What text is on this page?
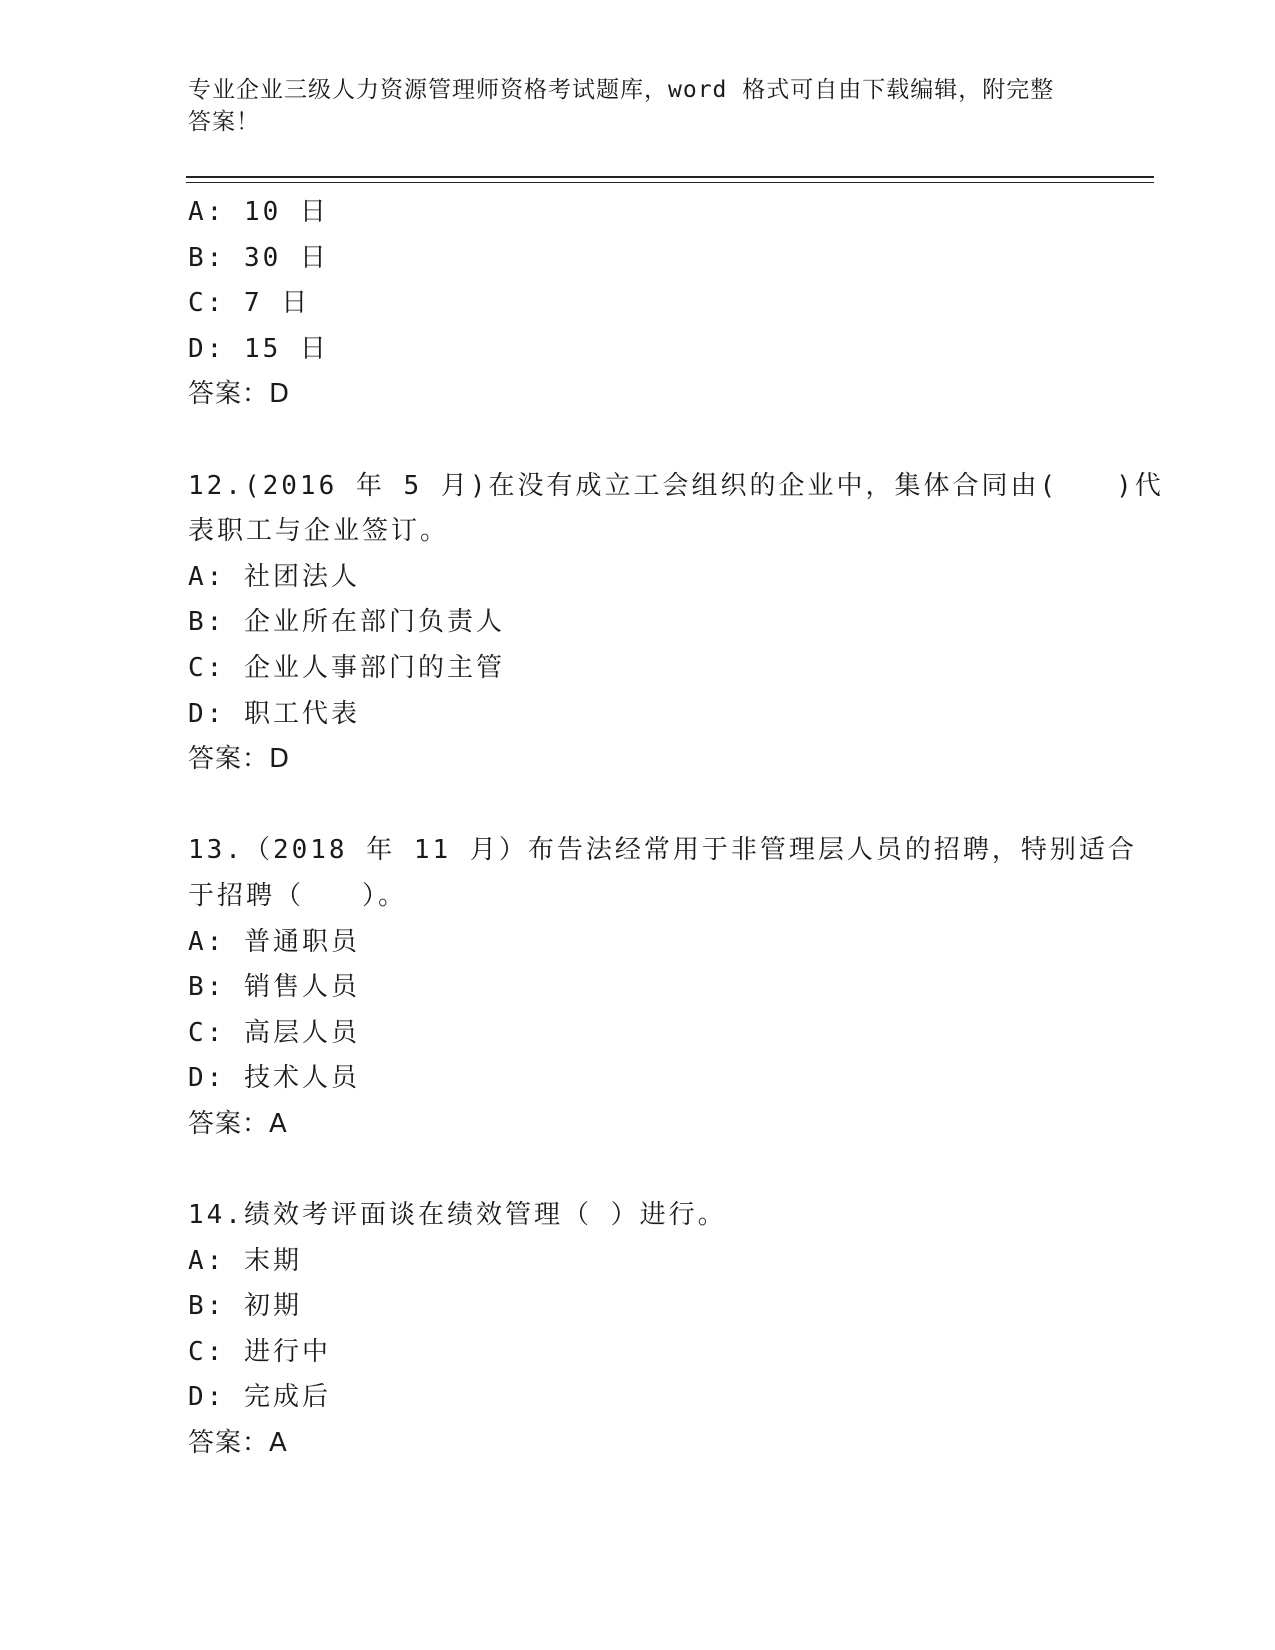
专业企业三级人力资源管理师资格考试题库，word 格式可自由下载编辑，附完整
答案！
A: 10 日
B: 30 日
C: 7 日
D: 15 日
答案：D
12.(2016 年 5 月)在没有成立工会组织的企业中，集体合同由(　　)代
表职工与企业签订。
A: 社团法人
B: 企业所在部门负责人
C: 企业人事部门的主管
D: 职工代表
答案：D
13.（2018 年 11 月）布告法经常用于非管理层人员的招聘，特别适合
于招聘（　　）。
A: 普通职员
B: 销售人员
C: 高层人员
D: 技术人员
答案：A
14.绩效考评面谈在绩效管理（ ）进行。
A: 末期
B: 初期
C: 进行中
D: 完成后
答案：A
